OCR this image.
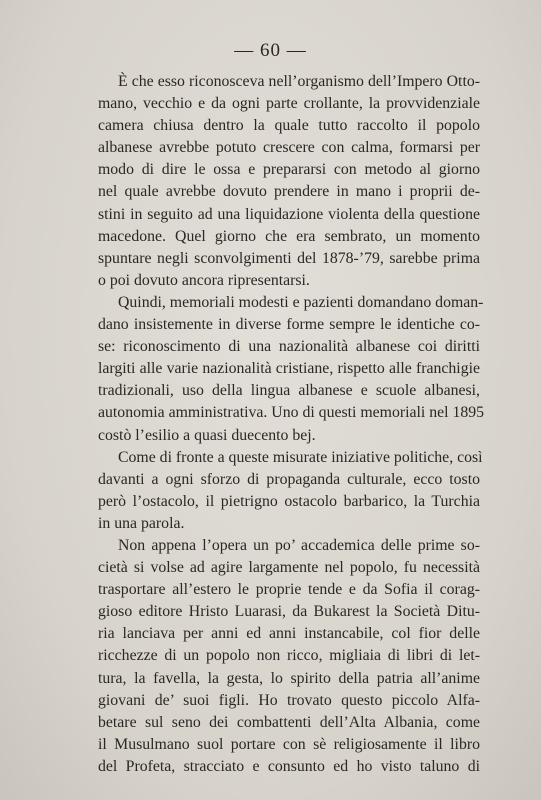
— 60 —
È che esso riconosceva nell’organismo dell’Impero Otto-
mano, vecchio e da ogni parte crollante, la provvidenziale
camera chiusa dentro la quale tutto raccolto il popolo
albanese avrebbe potuto crescere con calma, formarsi per
modo di dire le ossa e prepararsi con metodo al giorno
nel quale avrebbe dovuto prendere in mano i proprii de-
stini in seguito ad una liquidazione violenta della questione
macedone. Quel giorno che era sembrato, un momento
spuntare negli sconvolgimenti del 1878-’79, sarebbe prima
o poi dovuto ancora ripresentarsi.
Quindi, memoriali modesti e pazienti domandano doman-
dano insistemente in diverse forme sempre le identiche co-
se: riconoscimento di una nazionalità albanese coi diritti
largiti alle varie nazionalità cristiane, rispetto alle franchigie
tradizionali, uso della lingua albanese e scuole albanesi,
autonomia amministrativa. Uno di questi memoriali nel 1895
costò l’esilio a quasi duecento bej.
Come di fronte a queste misurate iniziative politiche, così
davanti a ogni sforzo di propaganda culturale, ecco tosto
però l’ostacolo, il pietrigno ostacolo barbarico, la Turchia
in una parola.
Non appena l’opera un po’ accademica delle prime so-
cietà si volse ad agire largamente nel popolo, fu necessità
trasportare all’estero le proprie tende e da Sofia il corag-
gioso editore Hristo Luarasi, da Bukarest la Società Ditu-
ria lanciava per anni ed anni instancabile, col fior delle
ricchezze di un popolo non ricco, migliaia di libri di let-
tura, la favella, la gesta, lo spirito della patria all’anime
giovani de’ suoi figli. Ho trovato questo piccolo Alfa-
betare sul seno dei combattenti dell’Alta Albania, come
il Musulmano suol portare con sè religiosamente il libro
del Profeta, stracciato e consunto ed ho visto taluno di
